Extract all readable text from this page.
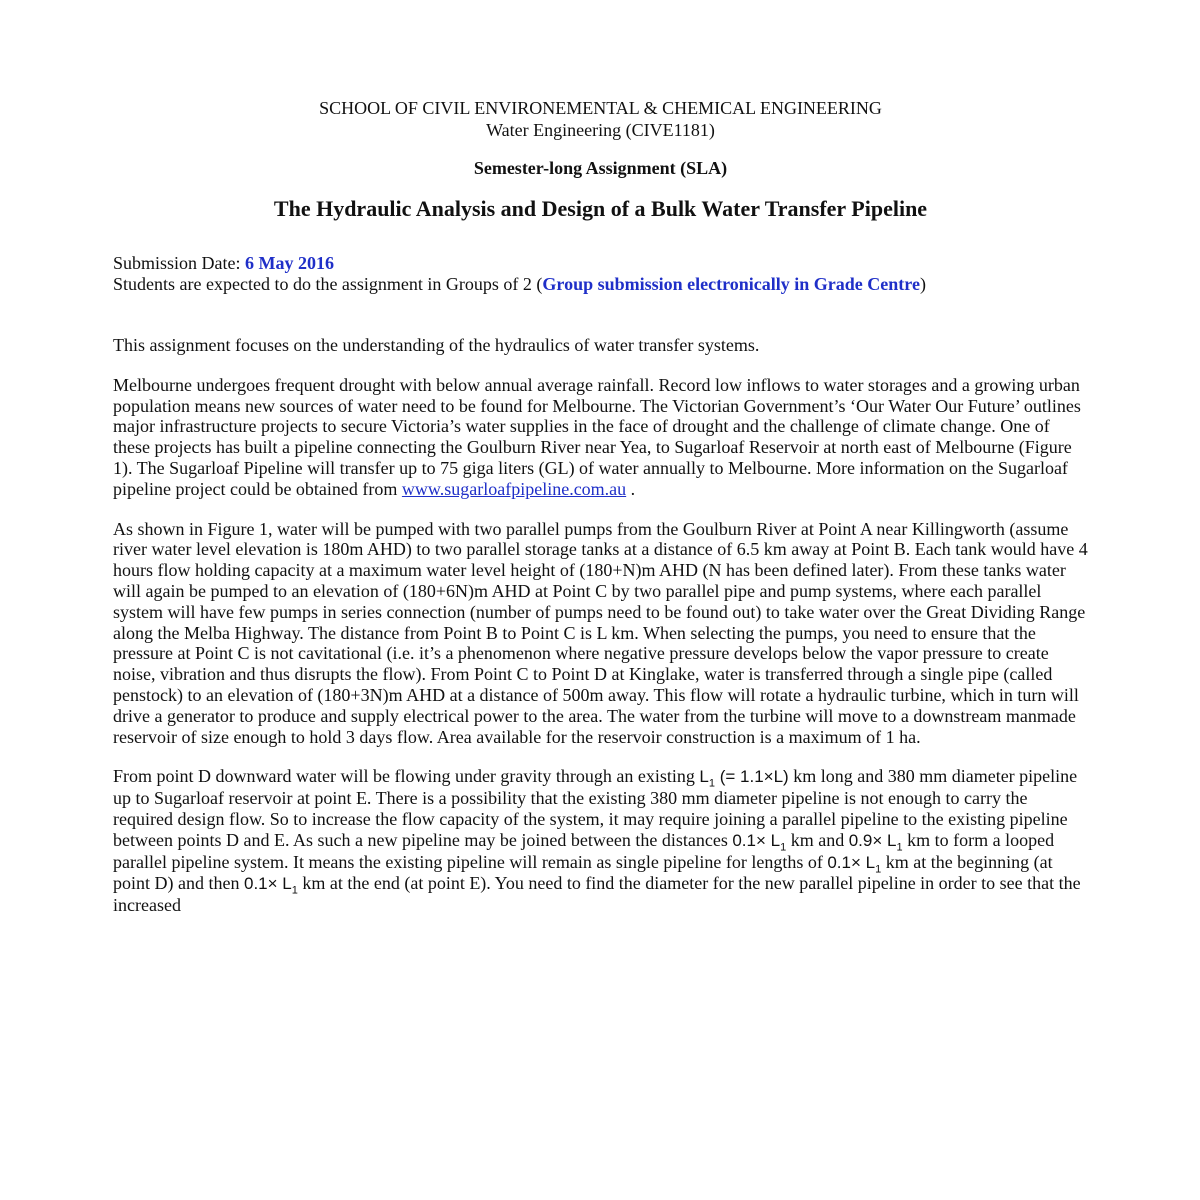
SCHOOL OF CIVIL ENVIRONEMENTAL & CHEMICAL ENGINEERING

Water Engineering (CIVE1181)

Semester-long Assignment (SLA)

The Hydraulic Analysis and Design of a Bulk Water Transfer Pipeline

Submission Date: 6 May 2016

Students are expected to do the assignment in Groups of 2 (Group submission electronically in Grade Centre)

This assignment focuses on the understanding of the hydraulics of water transfer systems.

Melbourne undergoes frequent drought with below annual average rainfall. Record low inflows to water storages and a growing urban population means new sources of water need to be found for Melbourne. The Victorian Government’s ‘Our Water Our Future’ outlines major infrastructure projects to secure Victoria’s water supplies in the face of drought and the challenge of climate change. One of these projects has built a pipeline connecting the Goulburn River near Yea, to Sugarloaf Reservoir at north east of Melbourne (Figure 1). The Sugarloaf Pipeline will transfer up to 75 giga liters (GL) of water annually to Melbourne. More information on the Sugarloaf pipeline project could be obtained from www.sugarloafpipeline.com.au .

As shown in Figure 1, water will be pumped with two parallel pumps from the Goulburn River at Point A near Killingworth (assume river water level elevation is 180m AHD) to two parallel storage tanks at a distance of 6.5 km away at Point B. Each tank would have 4 hours flow holding capacity at a maximum water level height of (180+N)m AHD (N has been defined later). From these tanks water will again be pumped to an elevation of (180+6N)m AHD at Point C by two parallel pipe and pump systems, where each parallel system will have few pumps in series connection (number of pumps need to be found out) to take water over the Great Dividing Range along the Melba Highway. The distance from Point B to Point C is L km. When selecting the pumps, you need to ensure that the pressure at Point C is not cavitational (i.e. it’s a phenomenon where negative pressure develops below the vapor pressure to create noise, vibration and thus disrupts the flow). From Point C to Point D at Kinglake, water is transferred through a single pipe (called penstock) to an elevation of (180+3N)m AHD at a distance of 500m away. This flow will rotate a hydraulic turbine, which in turn will drive a generator to produce and supply electrical power to the area. The water from the turbine will move to a downstream manmade reservoir of size enough to hold 3 days flow. Area available for the reservoir construction is a maximum of 1 ha.

From point D downward water will be flowing under gravity through an existing $L_1$ (= 1.1×L) km long and 380 mm diameter pipeline up to Sugarloaf reservoir at point E. There is a possibility that the existing 380 mm diameter pipeline is not enough to carry the required design flow. So to increase the flow capacity of the system, it may require joining a parallel pipeline to the existing pipeline between points D and E. As such a new pipeline may be joined between the distances $0.1\times L_1$ km and $0.9\times L_1$ km to form a looped parallel pipeline system. It means the existing pipeline will remain as single pipeline for lengths of $0.1\times L_1$ km at the beginning (at point D) and then $0.1\times L_1$ km at the end (at point E). You need to find the diameter for the new parallel pipeline in order to see that the increased
